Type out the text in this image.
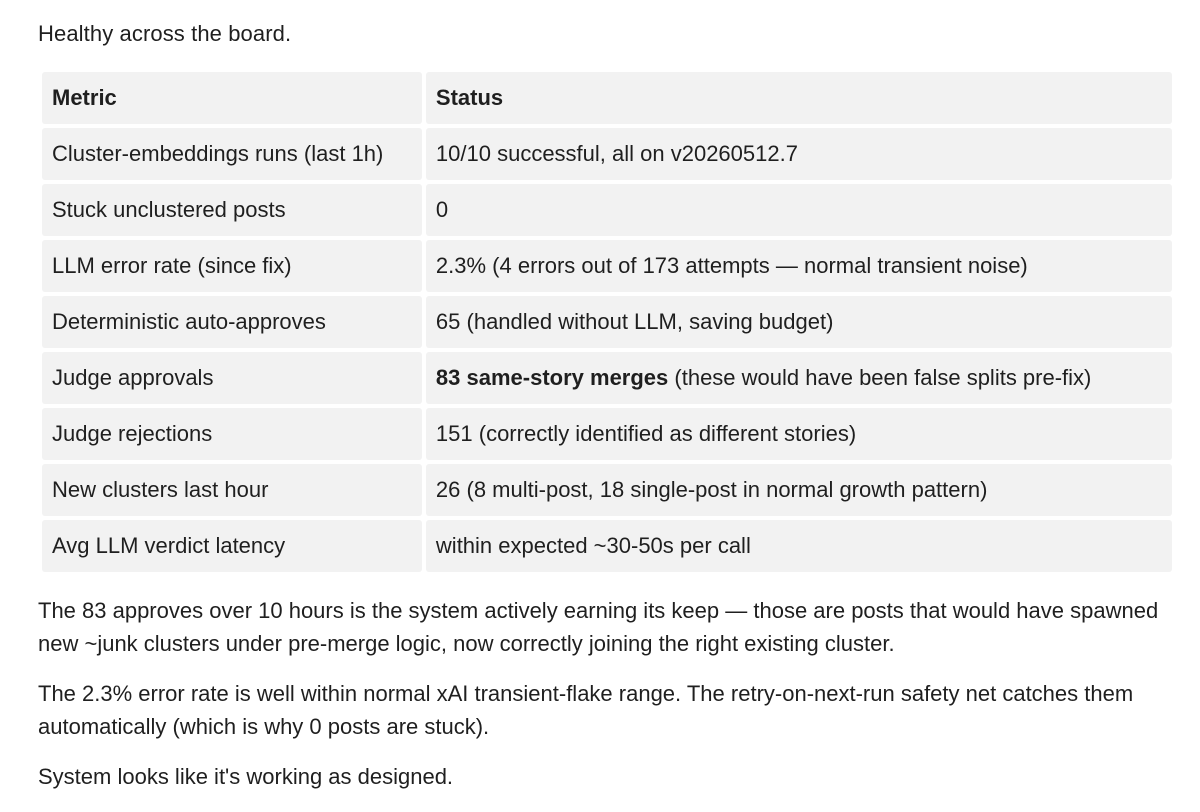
Healthy across the board.

Metric	Status
Cluster-embeddings runs (last 1h)	10/10 successful, all on v20260512.7
Stuck unclustered posts	0
LLM error rate (since fix)	2.3% (4 errors out of 173 attempts — normal transient noise)
Deterministic auto-approves	65 (handled without LLM, saving budget)
Judge approvals	83 same-story merges (these would have been false splits pre-fix)
Judge rejections	151 (correctly identified as different stories)
New clusters last hour	26 (8 multi-post, 18 single-post in normal growth pattern)
Avg LLM verdict latency	within expected ~30-50s per call

The 83 approves over 10 hours is the system actively earning its keep — those are posts that would have spawned new ~junk clusters under pre-merge logic, now correctly joining the right existing cluster.

The 2.3% error rate is well within normal xAI transient-flake range. The retry-on-next-run safety net catches them automatically (which is why 0 posts are stuck).

System looks like it's working as designed.
